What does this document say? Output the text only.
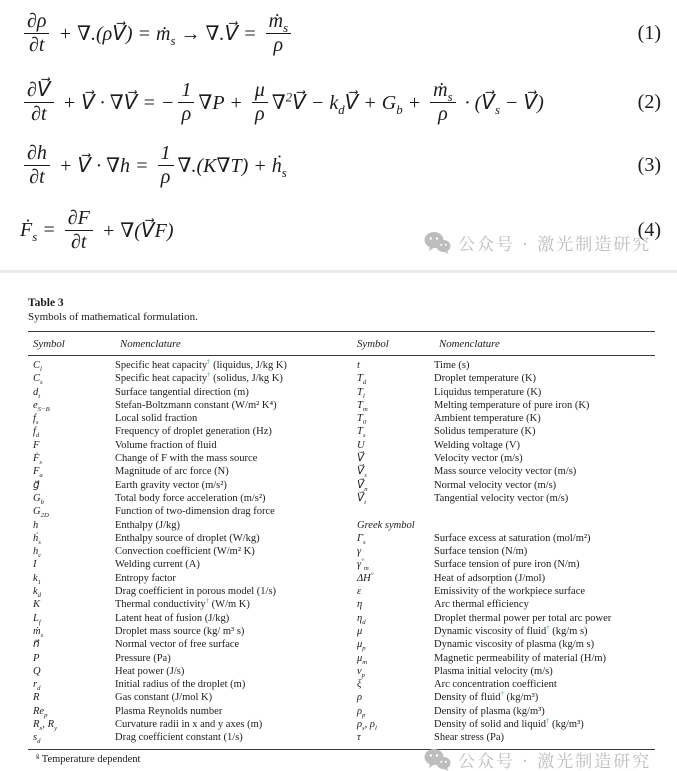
公众号 · 激光制造研究
$\frac{\partial\rho}{\partial t}$ + ∇.(ρV⃗) = ṁ$_s$ → ∇.V⃗ = $\frac{ṁ_s}{\rho}$	(1)
$\frac{\partial V⃗}{\partial t}$ + V⃗ · ∇V⃗ = − $\frac{1}{\rho} \nabla P + \frac{\mu}{\rho}$ ∇$^2$V⃗ − $k_dV⃗ + G_b + \frac{ṁ_s}{\rho}$ · ($V⃗_s$ − V⃗)	(2)
$\frac{\partial h}{\partial t}$ + V⃗ · $\nabla h = \frac{1}{\rho} \nabla.(K\nabla T)$ + ḣ$_s$	(3)
Ḟ$_s$ = $\frac{\partial F}{\partial t}$ + ∇(V⃗F)	(4)
Table 3
Symbols of mathematical formulation.
Symbol	Nomenclature	Symbol	Nomenclature
$C_l$	Specific heat capacity† (liquidus, J/kg K)	t	Time (s)
$C_s$	Specific heat capacity† (solidus, J/kg K)	$T_d$	Droplet temperature (K)
$d_t$	Surface tangential direction (m)	$T_l$	Liquidus temperature (K)
$e_{S-B}$	Stefan-Boltzmann constant (W/m² K⁴)	$T_m$	Melting temperature of pure iron (K)
$f_s$	Local solid fraction	$T_0$	Ambient temperature (K)
$f_d$	Frequency of droplet generation (Hz)	$T_s$	Solidus temperature (K)
F	Volume fraction of fluid	U	Welding voltage (V)
Ḟ$_s$	Change of F with the mass source	V⃗	Velocity vector (m/s)
$F_a$	Magnitude of arc force (N)	$V⃗_s$	Mass source velocity vector (m/s)
g⃗	Earth gravity vector (m/s²)	$V⃗_n$	Normal velocity vector (m/s)
$G_b$	Total body force acceleration (m/s²)	$V⃗_t$	Tangential velocity vector (m/s)
$G_{2D}$	Function of two-dimension drag force
h	Enthalpy (J/kg)	Greek symbol
ḣ$_s$	Enthalpy source of droplet (W/kg)	$\Gamma_s$	Surface excess at saturation (mol/m²)
$h_c$	Convection coefficient (W/m² K)	γ	Surface tension (N/m)
I	Welding current (A)	$\gamma^\circ_m$	Surface tension of pure iron (N/m)
$k_1$	Entropy factor	ΔH°	Heat of adsorption (J/mol)
$k_d$	Drag coefficient in porous model (1/s)	ε	Emissivity of the workpiece surface
K	Thermal conductivity† (W/m K)	η	Arc thermal efficiency
$L_f$	Latent heat of fusion (J/kg)	$\eta_d$	Droplet thermal power per total arc power
ṁ$_s$	Droplet mass source (kg/ m³ s)	μ	Dynamic viscosity of fluid† (kg/m s)
n⃗	Normal vector of free surface	$\mu_p$	Dynamic viscosity of plasma (kg/m s)
P	Pressure (Pa)	$\mu_m$	Magnetic permeability of material (H/m)
Q	Heat power (J/s)	$v_p$	Plasma initial velocity (m/s)
$r_d$	Initial radius of the droplet (m)	ξ	Arc concentration coefficient
R	Gas constant (J/mol K)	ρ	Density of fluid† (kg/m³)
$Re_p$	Plasma Reynolds number	$\rho_p$	Density of plasma (kg/m³)
$R_x$, $R_y$	Curvature radii in x and y axes (m)	$\rho_s$, $\rho_l$	Density of solid and liquid† (kg/m³)
$s_d$	Drag coefficient constant (1/s)	τ	Shear stress (Pa)
$^g$ Temperature dependent	公众号 · 激光制造研究
